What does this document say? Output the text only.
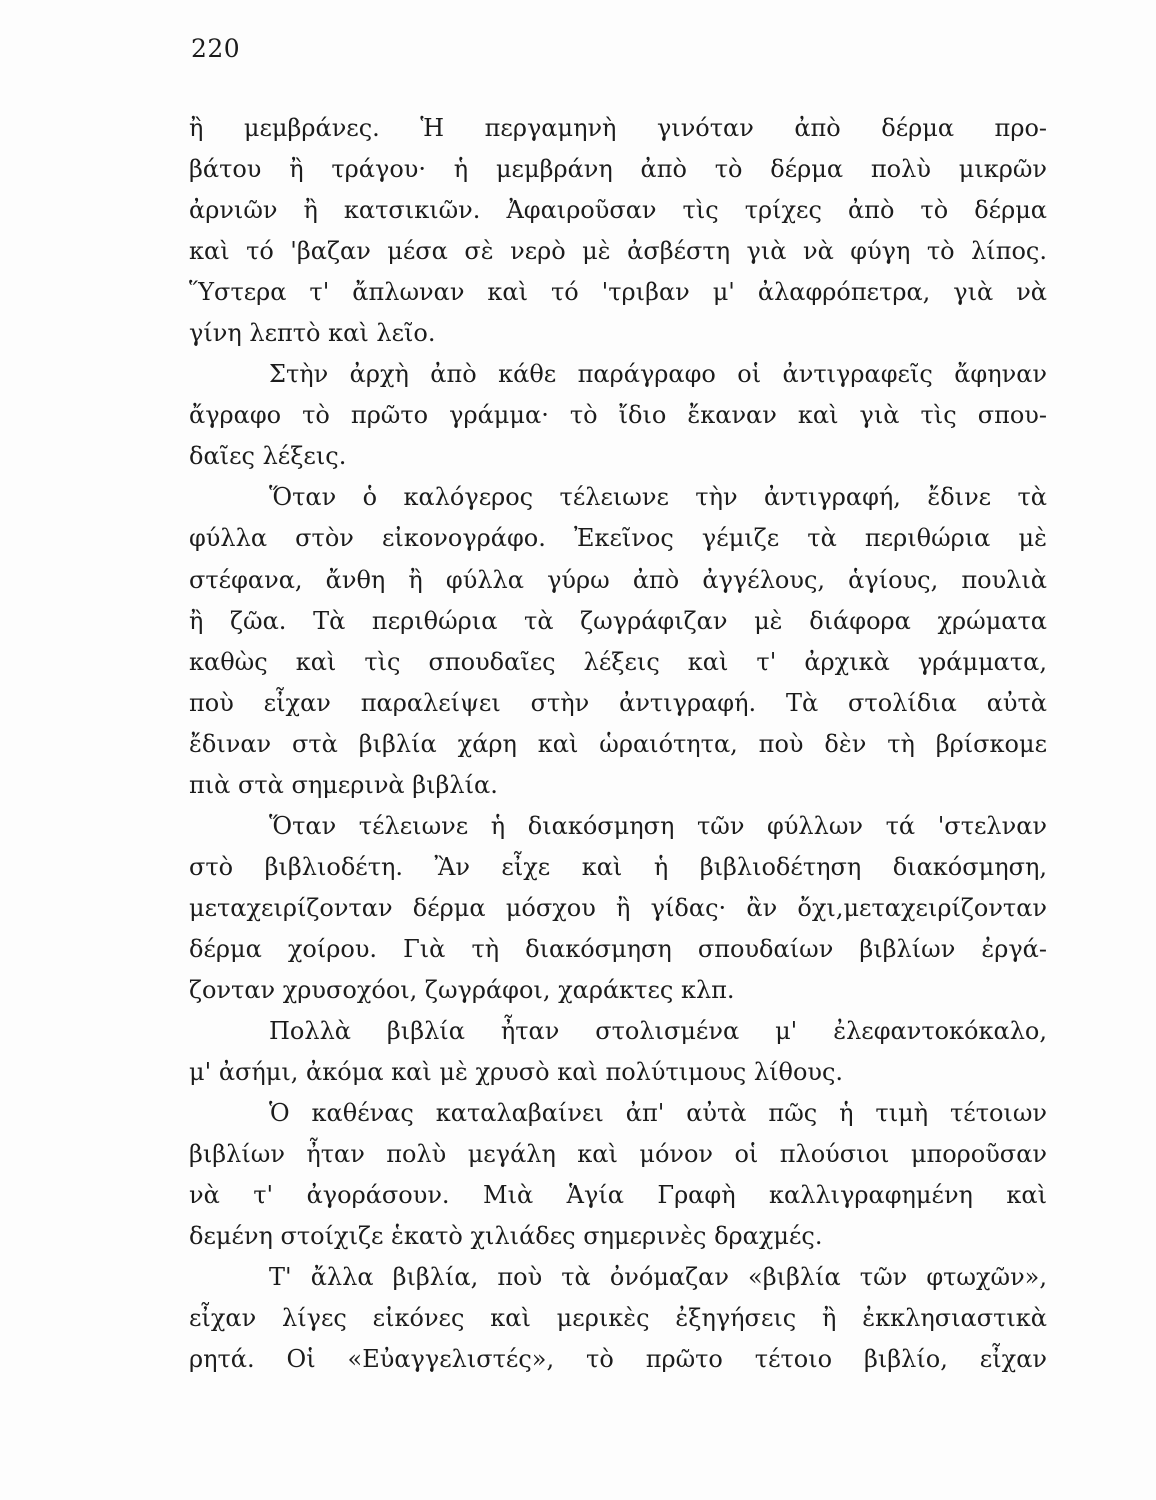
220
ἢ μεμβράνες. Ἡ περγαμηνὴ γινόταν ἀπὸ δέρμα προ-
βάτου ἢ τράγου· ἡ μεμβράνη ἀπὸ τὸ δέρμα πολὺ μικρῶν
ἀρνιῶν ἢ κατσικιῶν. Ἀφαιροῦσαν τὶς τρίχες ἀπὸ τὸ δέρμα
καὶ τό 'βαζαν μέσα σὲ νερὸ μὲ ἀσβέστη γιὰ νὰ φύγη τὸ λίπος.
Ὕστερα τ' ἄπλωναν καὶ τό 'τριβαν μ' ἀλαφρόπετρα, γιὰ νὰ
γίνη λεπτὸ καὶ λεῖο.
Στὴν ἀρχὴ ἀπὸ κάθε παράγραφο οἱ ἀντιγραφεῖς ἄφηναν
ἄγραφο τὸ πρῶτο γράμμα· τὸ ἴδιο ἔκαναν καὶ γιὰ τὶς σπου-
δαῖες λέξεις.
Ὅταν ὁ καλόγερος τέλειωνε τὴν ἀντιγραφή, ἔδινε τὰ
φύλλα στὸν εἰκονογράφο. Ἐκεῖνος γέμιζε τὰ περιθώρια μὲ
στέφανα, ἄνθη ἢ φύλλα γύρω ἀπὸ ἀγγέλους, ἁγίους, πουλιὰ
ἢ ζῶα. Τὰ περιθώρια τὰ ζωγράφιζαν μὲ διάφορα χρώματα
καθὼς καὶ τὶς σπουδαῖες λέξεις καὶ τ' ἀρχικὰ γράμματα,
ποὺ εἶχαν παραλείψει στὴν ἀντιγραφή. Τὰ στολίδια αὐτὰ
ἔδιναν στὰ βιβλία χάρη καὶ ὡραιότητα, ποὺ δὲν τὴ βρίσκομε
πιὰ στὰ σημερινὰ βιβλία.
Ὅταν τέλειωνε ἡ διακόσμηση τῶν φύλλων τά 'στελναν
στὸ βιβλιοδέτη. Ἂν εἶχε καὶ ἡ βιβλιοδέτηση διακόσμηση,
μεταχειρίζονταν δέρμα μόσχου ἢ γίδας· ἂν ὄχι,μεταχειρίζονταν
δέρμα χοίρου. Γιὰ τὴ διακόσμηση σπουδαίων βιβλίων ἐργά-
ζονταν χρυσοχόοι, ζωγράφοι, χαράκτες κλπ.
Πολλὰ βιβλία ἦταν στολισμένα μ' ἐλεφαντοκόκαλο,
μ' ἀσήμι, ἀκόμα καὶ μὲ χρυσὸ καὶ πολύτιμους λίθους.
Ὁ καθένας καταλαβαίνει ἀπ' αὐτὰ πῶς ἡ τιμὴ τέτοιων
βιβλίων ἦταν πολὺ μεγάλη καὶ μόνον οἱ πλούσιοι μποροῦσαν
νὰ τ' ἀγοράσουν. Μιὰ Ἁγία Γραφὴ καλλιγραφημένη καὶ
δεμένη στοίχιζε ἑκατὸ χιλιάδες σημερινὲς δραχμές.
Τ' ἄλλα βιβλία, ποὺ τὰ ὀνόμαζαν «βιβλία τῶν φτωχῶν»,
εἶχαν λίγες εἰκόνες καὶ μερικὲς ἐξηγήσεις ἢ ἐκκλησιαστικὰ
ρητά. Οἱ «Εὐαγγελιστές», τὸ πρῶτο τέτοιο βιβλίο, εἶχαν
